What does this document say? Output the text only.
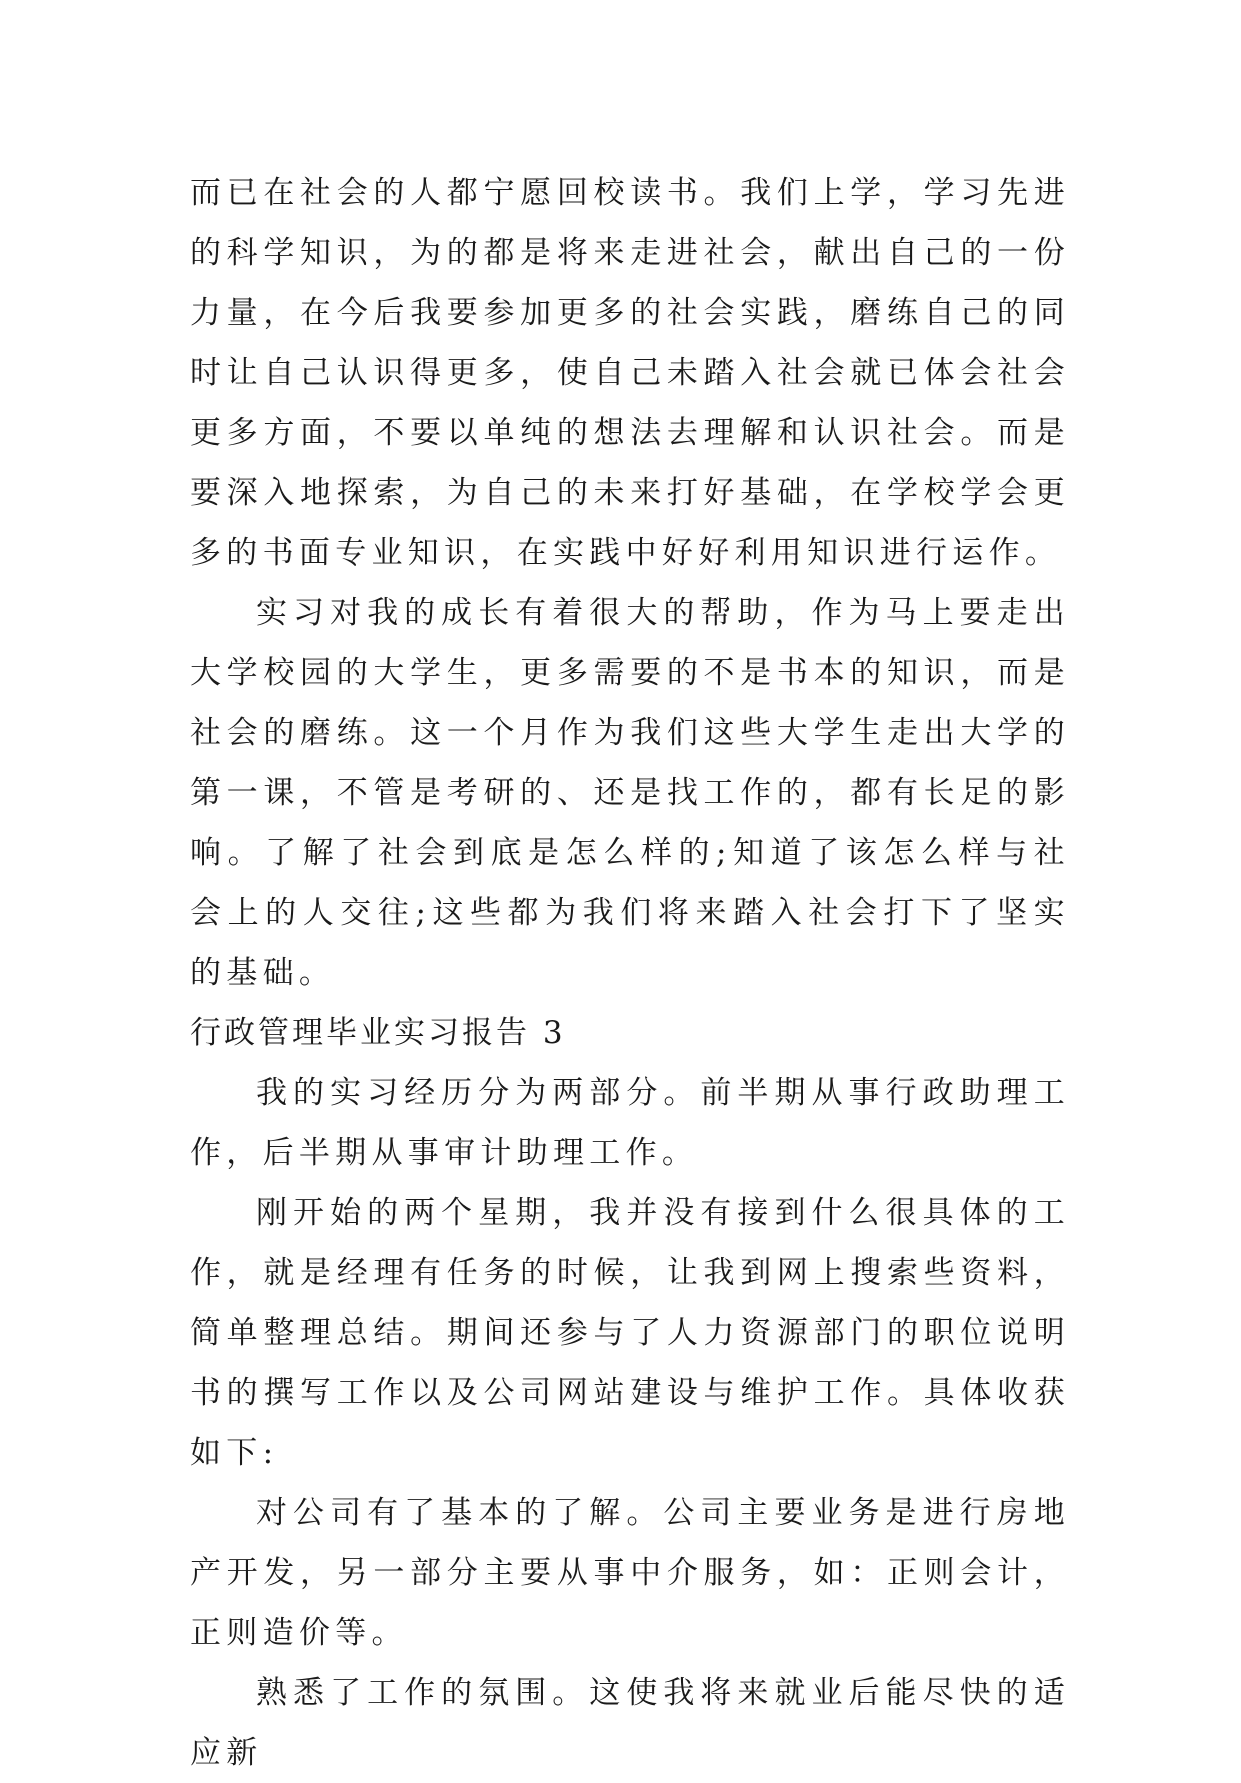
而已在社会的人都宁愿回校读书。我们上学，学习先进的科学知识，为的都是将来走进社会，献出自己的一份力量，在今后我要参加更多的社会实践，磨练自己的同时让自己认识得更多，使自己未踏入社会就已体会社会更多方面，不要以单纯的想法去理解和认识社会。而是要深入地探索，为自己的未来打好基础，在学校学会更多的书面专业知识，在实践中好好利用知识进行运作。

实习对我的成长有着很大的帮助，作为马上要走出大学校园的大学生，更多需要的不是书本的知识，而是社会的磨练。这一个月作为我们这些大学生走出大学的第一课，不管是考研的、还是找工作的，都有长足的影响。了解了社会到底是怎么样的;知道了该怎么样与社会上的人交往;这些都为我们将来踏入社会打下了坚实的基础。

行政管理毕业实习报告 3

我的实习经历分为两部分。前半期从事行政助理工作，后半期从事审计助理工作。

刚开始的两个星期，我并没有接到什么很具体的工作，就是经理有任务的时候，让我到网上搜索些资料，简单整理总结。期间还参与了人力资源部门的职位说明书的撰写工作以及公司网站建设与维护工作。具体收获如下:

对公司有了基本的了解。公司主要业务是进行房地产开发，另一部分主要从事中介服务，如：正则会计，正则造价等。

熟悉了工作的氛围。这使我将来就业后能尽快的适应新
